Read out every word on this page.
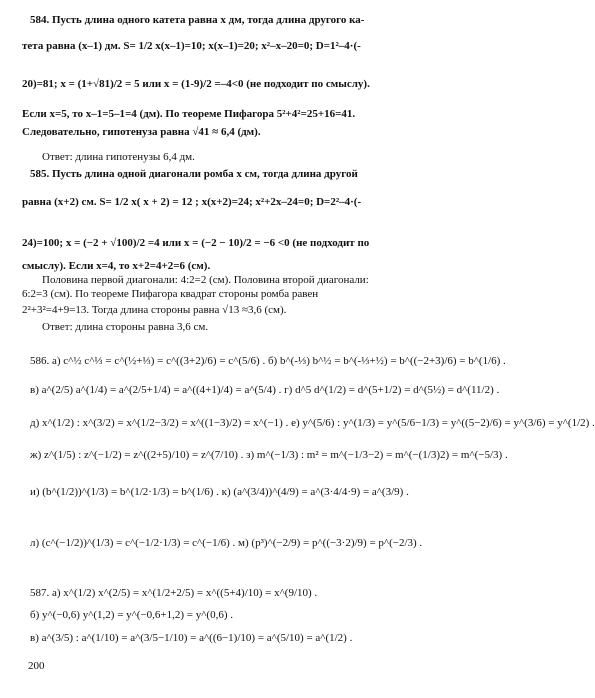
584. Пусть длина одного катета равна x дм, тогда длина другого ка-
тета равна (x–1) дм. S= 1/2 x(x–1)=10; x(x–1)=20; x²–x–20=0; D=1²–4·(-
20)=81; x = (1+√81)/2 = 5 или x = (1-9)/2 =–4<0 (не подходит по смыслу).
Если x=5, то x–1=5–1=4 (дм). По теореме Пифагора 5²+4²=25+16=41.
Следовательно, гипотенуза равна √41 ≈ 6,4 (дм).
Ответ: длина гипотенузы 6,4 дм.
585. Пусть длина одной диагонали ромба x см, тогда длина другой
равна (x+2) см. S= 1/2 x( x + 2) = 12 ; x(x+2)=24; x²+2x–24=0; D=2²–4·(-
24)=100; x = (−2 + √100)/2 =4 или x = (−2 − 10)/2 = −6 <0 (не подходит по
смыслу). Если x=4, то x+2=4+2=6 (см).
Половина первой диагонали: 4:2=2 (см). Половина второй диагонали:
6:2=3 (см). По теореме Пифагора квадрат стороны ромба равен
2²+3²=4+9=13. Тогда длина стороны равна √13 ≈3,6 (см).
Ответ: длина стороны равна 3,6 см.
586. а) c^½ c^⅓ = c^(½+⅓) = c^((3+2)/6) = c^(5/6) . б) b^(-⅓) b^½ = b^(-⅓+½) = b^((−2+3)/6) = b^(1/6) .
в) a^(2/5) a^(1/4) = a^(2/5+1/4) = a^((4+1)/4) = a^(5/4) . г) d^5 d^(1/2) = d^(5+1/2) = d^(5½) = d^(11/2) .
д) x^(1/2) : x^(3/2) = x^(1/2−3/2) = x^((1−3)/2) = x^(−1) . е) y^(5/6) : y^(1/3) = y^(5/6−1/3) = y^((5−2)/6) = y^(3/6) = y^(1/2) .
ж) z^(1/5) : z^(−1/2) = z^((2+5)/10) = z^(7/10) . з) m^(−1/3) : m² = m^(−1/3−2) = m^(−(1/3)2) = m^(−5/3) .
и) (b^(1/2))^(1/3) = b^(1/2·1/3) = b^(1/6) . к) (a^(3/4))^(4/9) = a^(3·4/4·9) = a^(3/9) .
л) (c^(−1/2))^(1/3) = c^(−1/2·1/3) = c^(−1/6) . м) (p³)^(−2/9) = p^((−3·2)/9) = p^(−2/3) .
587. а) x^(1/2) x^(2/5) = x^(1/2+2/5) = x^((5+4)/10) = x^(9/10) .
б) y^(−0,6) y^(1,2) = y^(−0,6+1,2) = y^(0,6) .
в) a^(3/5) : a^(1/10) = a^(3/5−1/10) = a^((6−1)/10) = a^(5/10) = a^(1/2) .
200
